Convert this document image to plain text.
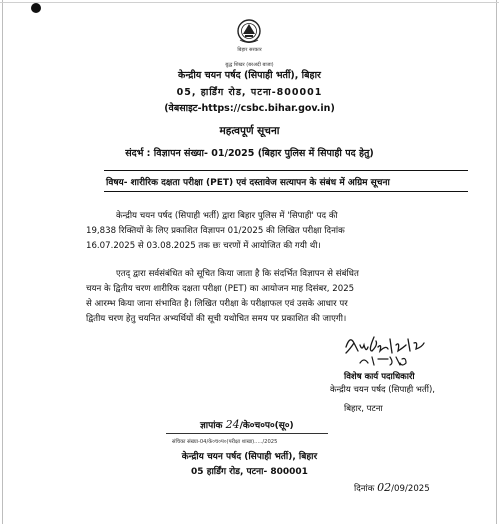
बिहार सरकार
बुद्ध शिखर (बरअदी बाजा)
केन्द्रीय चयन पर्षद (सिपाही भर्ती), बिहार
05, हार्डिंग रोड, पटना-800001
(वेबसाइट-https://csbc.bihar.gov.in)
महत्वपूर्ण सूचना
संदर्भ : विज्ञापन संख्या- 01/2025 (बिहार पुलिस में सिपाही पद हेतु)
विषय- शारीरिक दक्षता परीक्षा (PET) एवं दस्तावेज सत्यापन के संबंध में अग्रिम सूचना
केन्द्रीय चयन पर्षद (सिपाही भर्ती) द्वारा बिहार पुलिस में 'सिपाही' पद की
19,838 रिक्तियों के लिए प्रकाशित विज्ञापन 01/2025 की लिखित परीक्षा दिनांक
16.07.2025 से 03.08.2025 तक छः चरणों में आयोजित की गयी थी।
एतद् द्वारा सर्वसंबंधित को सूचित किया जाता है कि संदर्भित विज्ञापन से संबंधित
चयन के द्वितीय चरण शारीरिक दक्षता परीक्षा (PET) का आयोजन माह दिसंबर, 2025
से आरम्भ किया जाना संभावित है। लिखित परीक्षा के परीक्षाफल एवं उसके आधार पर
द्वितीय चरण हेतु चयनित अभ्यर्थियों की सूची यथोचित समय पर प्रकाशित की जाएगी।
Roy Saiths
विशेष कार्य पदाधिकारी
केन्द्रीय चयन पर्षद (सिपाही भर्ती),
बिहार, पटना
ज्ञापांक 24/के०च०प०(सू०)
संचिका संख्या-04/के०च०प०(परीक्षा शाखा)...../2025
केन्द्रीय चयन पर्षद (सिपाही भर्ती), बिहार
05 हार्डिंग रोड, पटना- 800001
दिनांक 02/09/2025
